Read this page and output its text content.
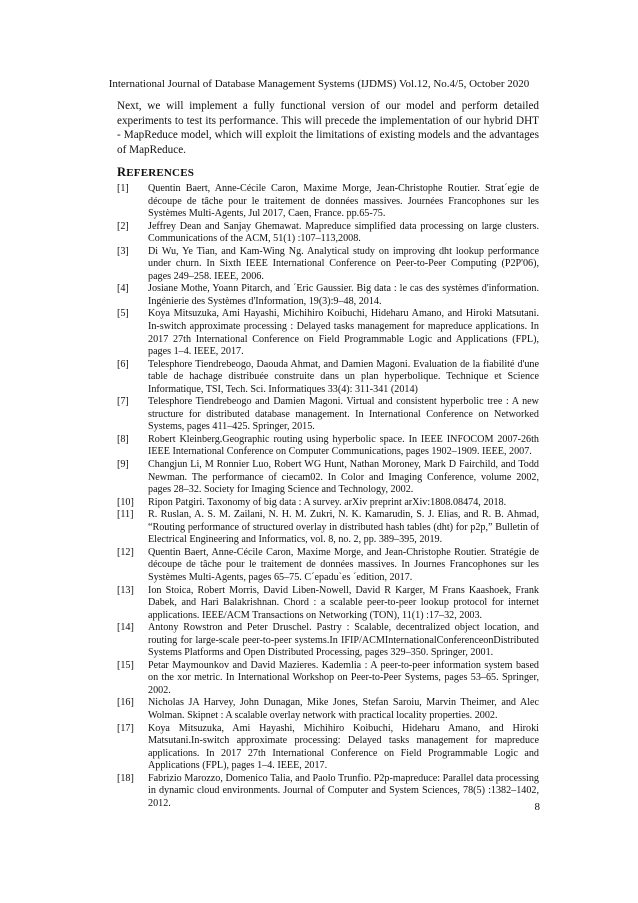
International Journal of Database Management Systems (IJDMS) Vol.12, No.4/5, October 2020
Next, we will implement a fully functional version of our model and perform detailed experiments to test its performance. This will precede the implementation of our hybrid DHT - MapReduce model, which will exploit the limitations of existing models and the advantages of MapReduce.
REFERENCES
[1]	Quentin Baert, Anne-Cécile Caron, Maxime Morge, Jean-Christophe Routier. Strat´egie de découpe de tâche pour le traitement de données massives. Journées Francophones sur les Systèmes Multi-Agents, Jul 2017, Caen, France. pp.65-75.
[2]	Jeffrey Dean and Sanjay Ghemawat. Mapreduce simplified data processing on large clusters. Communications of the ACM, 51(1) :107–113,2008.
[3]	Di Wu, Ye Tian, and Kam-Wing Ng. Analytical study on improving dht lookup performance under churn. In Sixth IEEE International Conference on Peer-to-Peer Computing (P2P'06), pages 249–258. IEEE, 2006.
[4]	Josiane Mothe, Yoann Pitarch, and ´Eric Gaussier. Big data : le cas des systèmes d'information. Ingénierie des Systèmes d'Information, 19(3):9–48, 2014.
[5]	Koya Mitsuzuka, Ami Hayashi, Michihiro Koibuchi, Hideharu Amano, and Hiroki Matsutani. In-switch approximate processing : Delayed tasks management for mapreduce applications. In 2017 27th International Conference on Field Programmable Logic and Applications (FPL), pages 1–4. IEEE, 2017.
[6]	Telesphore Tiendrebeogo, Daouda Ahmat, and Damien Magoni. Evaluation de la fiabilité d'une table de hachage distribuée construite dans un plan hyperbolique. Technique et Science Informatique, TSI, Tech. Sci. Informatiques 33(4): 311-341 (2014)
[7]	Telesphore Tiendrebeogo and Damien Magoni. Virtual and consistent hyperbolic tree : A new structure for distributed database management. In International Conference on Networked Systems, pages 411–425. Springer, 2015.
[8]	Robert Kleinberg.Geographic routing using hyperbolic space. In IEEE INFOCOM 2007-26th IEEE International Conference on Computer Communications, pages 1902–1909. IEEE, 2007.
[9]	Changjun Li, M Ronnier Luo, Robert WG Hunt, Nathan Moroney, Mark D Fairchild, and Todd Newman. The performance of ciecam02. In Color and Imaging Conference, volume 2002, pages 28–32. Society for Imaging Science and Technology, 2002.
[10]	Ripon Patgiri. Taxonomy of big data : A survey. arXiv preprint arXiv:1808.08474, 2018.
[11]	R. Ruslan, A. S. M. Zailani, N. H. M. Zukri, N. K. Kamarudin, S. J. Elias, and R. B. Ahmad, “Routing performance of structured overlay in distributed hash tables (dht) for p2p,” Bulletin of Electrical Engineering and Informatics, vol. 8, no. 2, pp. 389–395, 2019.
[12]	Quentin Baert, Anne-Cécile Caron, Maxime Morge, and Jean-Christophe Routier. Stratégie de découpe de tâche pour le traitement de données massives. In Journes Francophones sur les Systèmes Multi-Agents, pages 65–75. C´epadu`es ´edition, 2017.
[13]	Ion Stoica, Robert Morris, David Liben-Nowell, David R Karger, M Frans Kaashoek, Frank Dabek, and Hari Balakrishnan. Chord : a scalable peer-to-peer lookup protocol for internet applications. IEEE/ACM Transactions on Networking (TON), 11(1) :17–32, 2003.
[14]	Antony Rowstron and Peter Druschel. Pastry : Scalable, decentralized object location, and routing for large-scale peer-to-peer systems.In IFIP/ACMInternationalConferenceonDistributed Systems Platforms and Open Distributed Processing, pages 329–350. Springer, 2001.
[15]	Petar Maymounkov and David Mazieres. Kademlia : A peer-to-peer information system based on the xor metric. In International Workshop on Peer-to-Peer Systems, pages 53–65. Springer, 2002.
[16]	Nicholas JA Harvey, John Dunagan, Mike Jones, Stefan Saroiu, Marvin Theimer, and Alec Wolman. Skipnet : A scalable overlay network with practical locality properties. 2002.
[17]	Koya Mitsuzuka, Ami Hayashi, Michihiro Koibuchi, Hideharu Amano, and Hiroki Matsutani.In-switch approximate processing: Delayed tasks management for mapreduce applications. In 2017 27th International Conference on Field Programmable Logic and Applications (FPL), pages 1–4. IEEE, 2017.
[18]	Fabrizio Marozzo, Domenico Talia, and Paolo Trunfio. P2p-mapreduce: Parallel data processing in dynamic cloud environments. Journal of Computer and System Sciences, 78(5) :1382–1402, 2012.	8
